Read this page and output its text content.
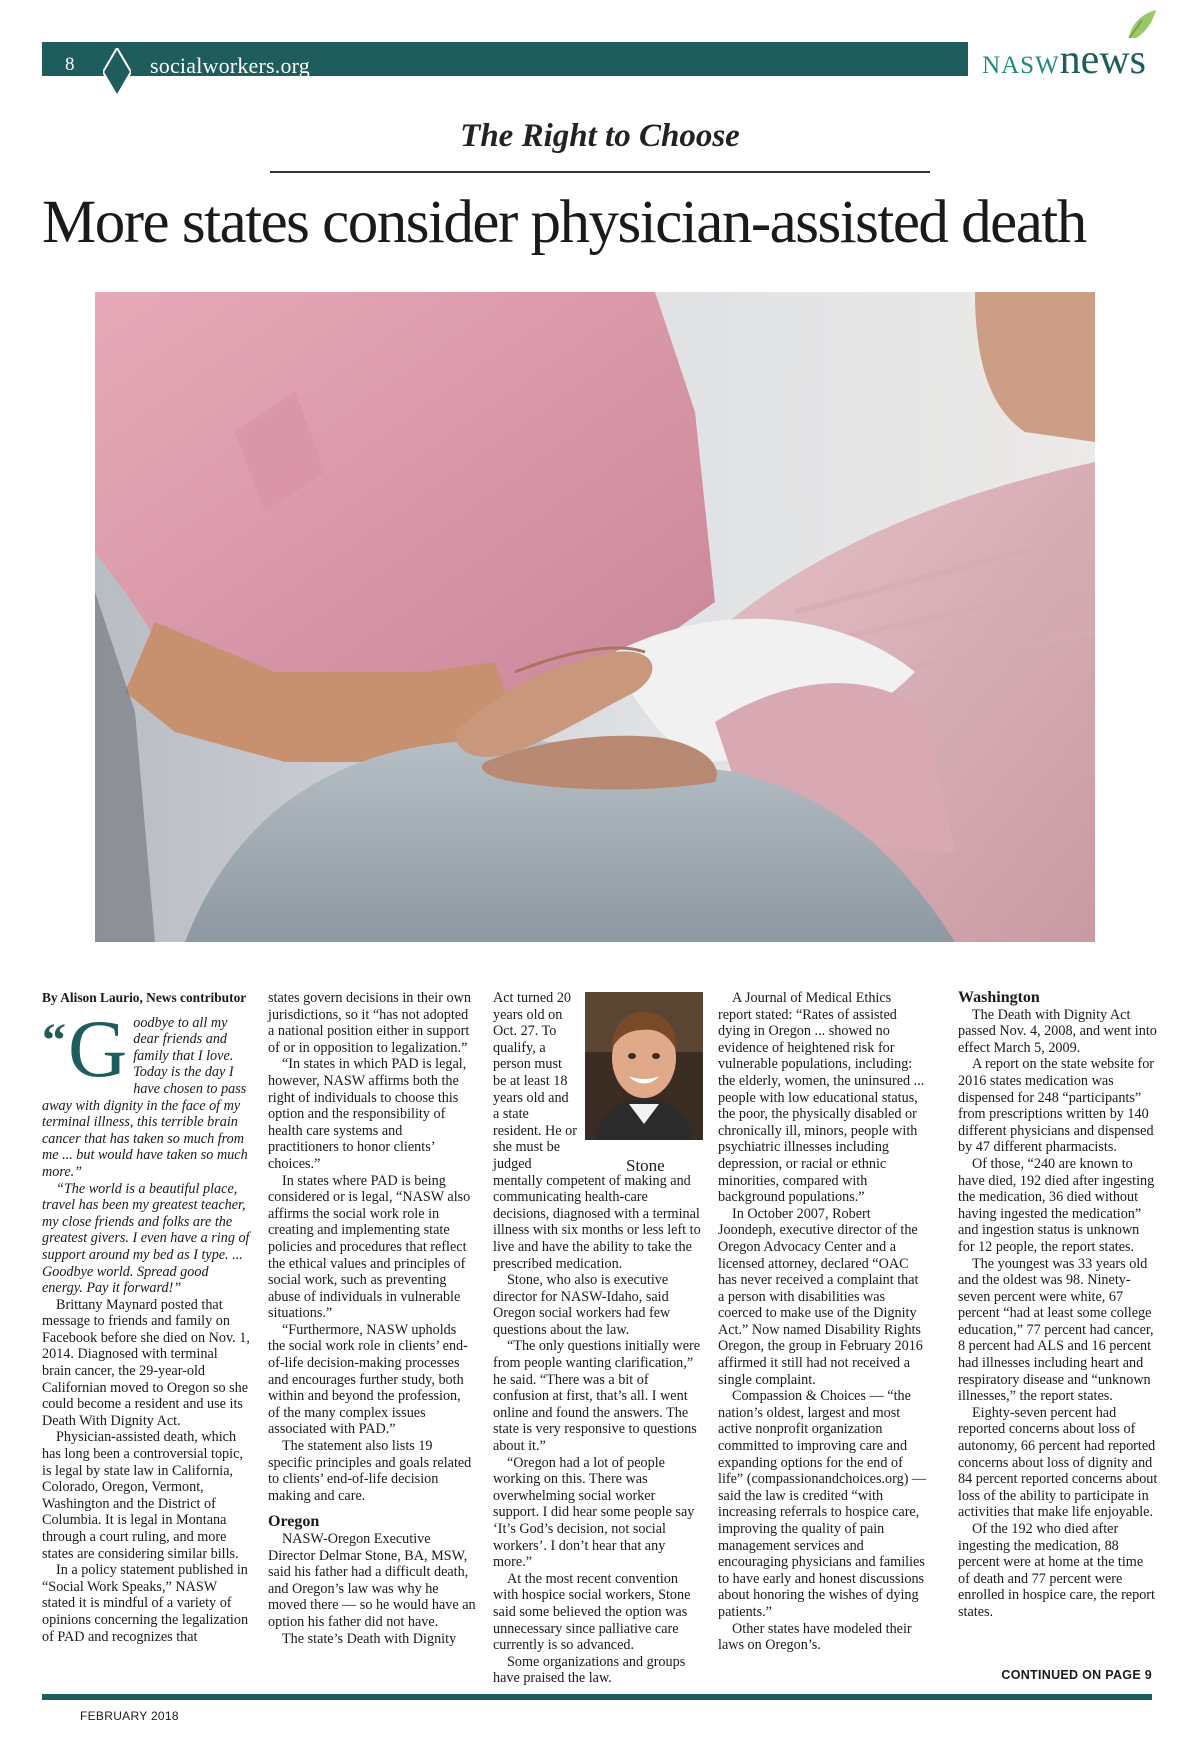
8	socialworkers.org	NASWnews
The Right to Choose
More states consider physician-assisted death
By Alison Laurio, News contributor
“ G oodbye to all my dear friends and family that I love. Today is the day I have chosen to pass away with dignity in the face of my terminal illness, this terrible brain cancer that has taken so much from me ... but would have taken so much more.”

“The world is a beautiful place, travel has been my greatest teacher, my close friends and folks are the greatest givers. I even have a ring of support around my bed as I type. ... Goodbye world. Spread good energy. Pay it forward!”

Brittany Maynard posted that message to friends and family on Facebook before she died on Nov. 1, 2014. Diagnosed with terminal brain cancer, the 29-year-old Californian moved to Oregon so she could become a resident and use its Death With Dignity Act.

Physician-assisted death, which has long been a controversial topic, is legal by state law in California, Colorado, Oregon, Vermont, Washington and the District of Columbia. It is legal in Montana through a court ruling, and more states are considering similar bills.

In a policy statement published in “Social Work Speaks,” NASW stated it is mindful of a variety of opinions concerning the legalization of PAD and recognizes that

states govern decisions in their own jurisdictions, so it “has not adopted a national position either in support of or in opposition to legalization.”

“In states in which PAD is legal, however, NASW affirms both the right of individuals to choose this option and the responsibility of health care systems and practitioners to honor clients’ choices.”

In states where PAD is being considered or is legal, “NASW also affirms the social work role in creating and implementing state policies and procedures that reflect the ethical values and principles of social work, such as preventing abuse of individuals in vulnerable situations.”

“Furthermore, NASW upholds the social work role in clients’ end-of-life decision-making processes and encourages further study, both within and beyond the profession, of the many complex issues associated with PAD.”

The statement also lists 19 specific principles and goals related to clients’ end-of-life decision making and care.

Oregon

NASW-Oregon Executive Director Delmar Stone, BA, MSW, said his father had a difficult death, and Oregon’s law was why he moved there — so he would have an option his father did not have.

The state’s Death with Dignity

Act turned 20 years old on Oct. 27. To qualify, a person must be at least 18 years old and a state resident. He or she must be judged mentally competent of making and communicating health-care decisions, diagnosed with a terminal illness with six months or less left to live and have the ability to take the prescribed medication.

Stone, who also is executive director for NASW-Idaho, said Oregon social workers had few questions about the law.

“The only questions initially were from people wanting clarification,” he said. “There was a bit of confusion at first, that’s all. I went online and found the answers. The state is very responsive to questions about it.”

“Oregon had a lot of people working on this. There was overwhelming social worker support. I did hear some people say ‘It’s God’s decision, not social workers’. I don’t hear that any more.”

At the most recent convention with hospice social workers, Stone said some believed the option was unnecessary since palliative care currently is so advanced.

Some organizations and groups have praised the law.

Stone

A Journal of Medical Ethics report stated: “Rates of assisted dying in Oregon ... showed no evidence of heightened risk for vulnerable populations, including: the elderly, women, the uninsured ... people with low educational status, the poor, the physically disabled or chronically ill, minors, people with psychiatric illnesses including depression, or racial or ethnic minorities, compared with background populations.”

In October 2007, Robert Joondeph, executive director of the Oregon Advocacy Center and a licensed attorney, declared “OAC has never received a complaint that a person with disabilities was coerced to make use of the Dignity Act.” Now named Disability Rights Oregon, the group in February 2016 affirmed it still had not received a single complaint.

Compassion & Choices — “the nation’s oldest, largest and most active nonprofit organization committed to improving care and expanding options for the end of life” (compassionandchoices.org) — said the law is credited “with increasing referrals to hospice care, improving the quality of pain management services and encouraging physicians and families to have early and honest discussions about honoring the wishes of dying patients.”

Other states have modeled their laws on Oregon’s.

Washington

The Death with Dignity Act passed Nov. 4, 2008, and went into effect March 5, 2009.

A report on the state website for 2016 states medication was dispensed for 248 “participants” from prescriptions written by 140 different physicians and dispensed by 47 different pharmacists.

Of those, “240 are known to have died, 192 died after ingesting the medication, 36 died without having ingested the medication” and ingestion status is unknown for 12 people, the report states.

The youngest was 33 years old and the oldest was 98. Ninety-seven percent were white, 67 percent “had at least some college education,” 77 percent had cancer, 8 percent had ALS and 16 percent had illnesses including heart and respiratory disease and “unknown illnesses,” the report states.

Eighty-seven percent had reported concerns about loss of autonomy, 66 percent had reported concerns about loss of dignity and 84 percent reported concerns about loss of the ability to participate in activities that make life enjoyable.

Of the 192 who died after ingesting the medication, 88 percent were at home at the time of death and 77 percent were enrolled in hospice care, the report states.

CONTINUED ON PAGE 9
FEBRUARY 2018
